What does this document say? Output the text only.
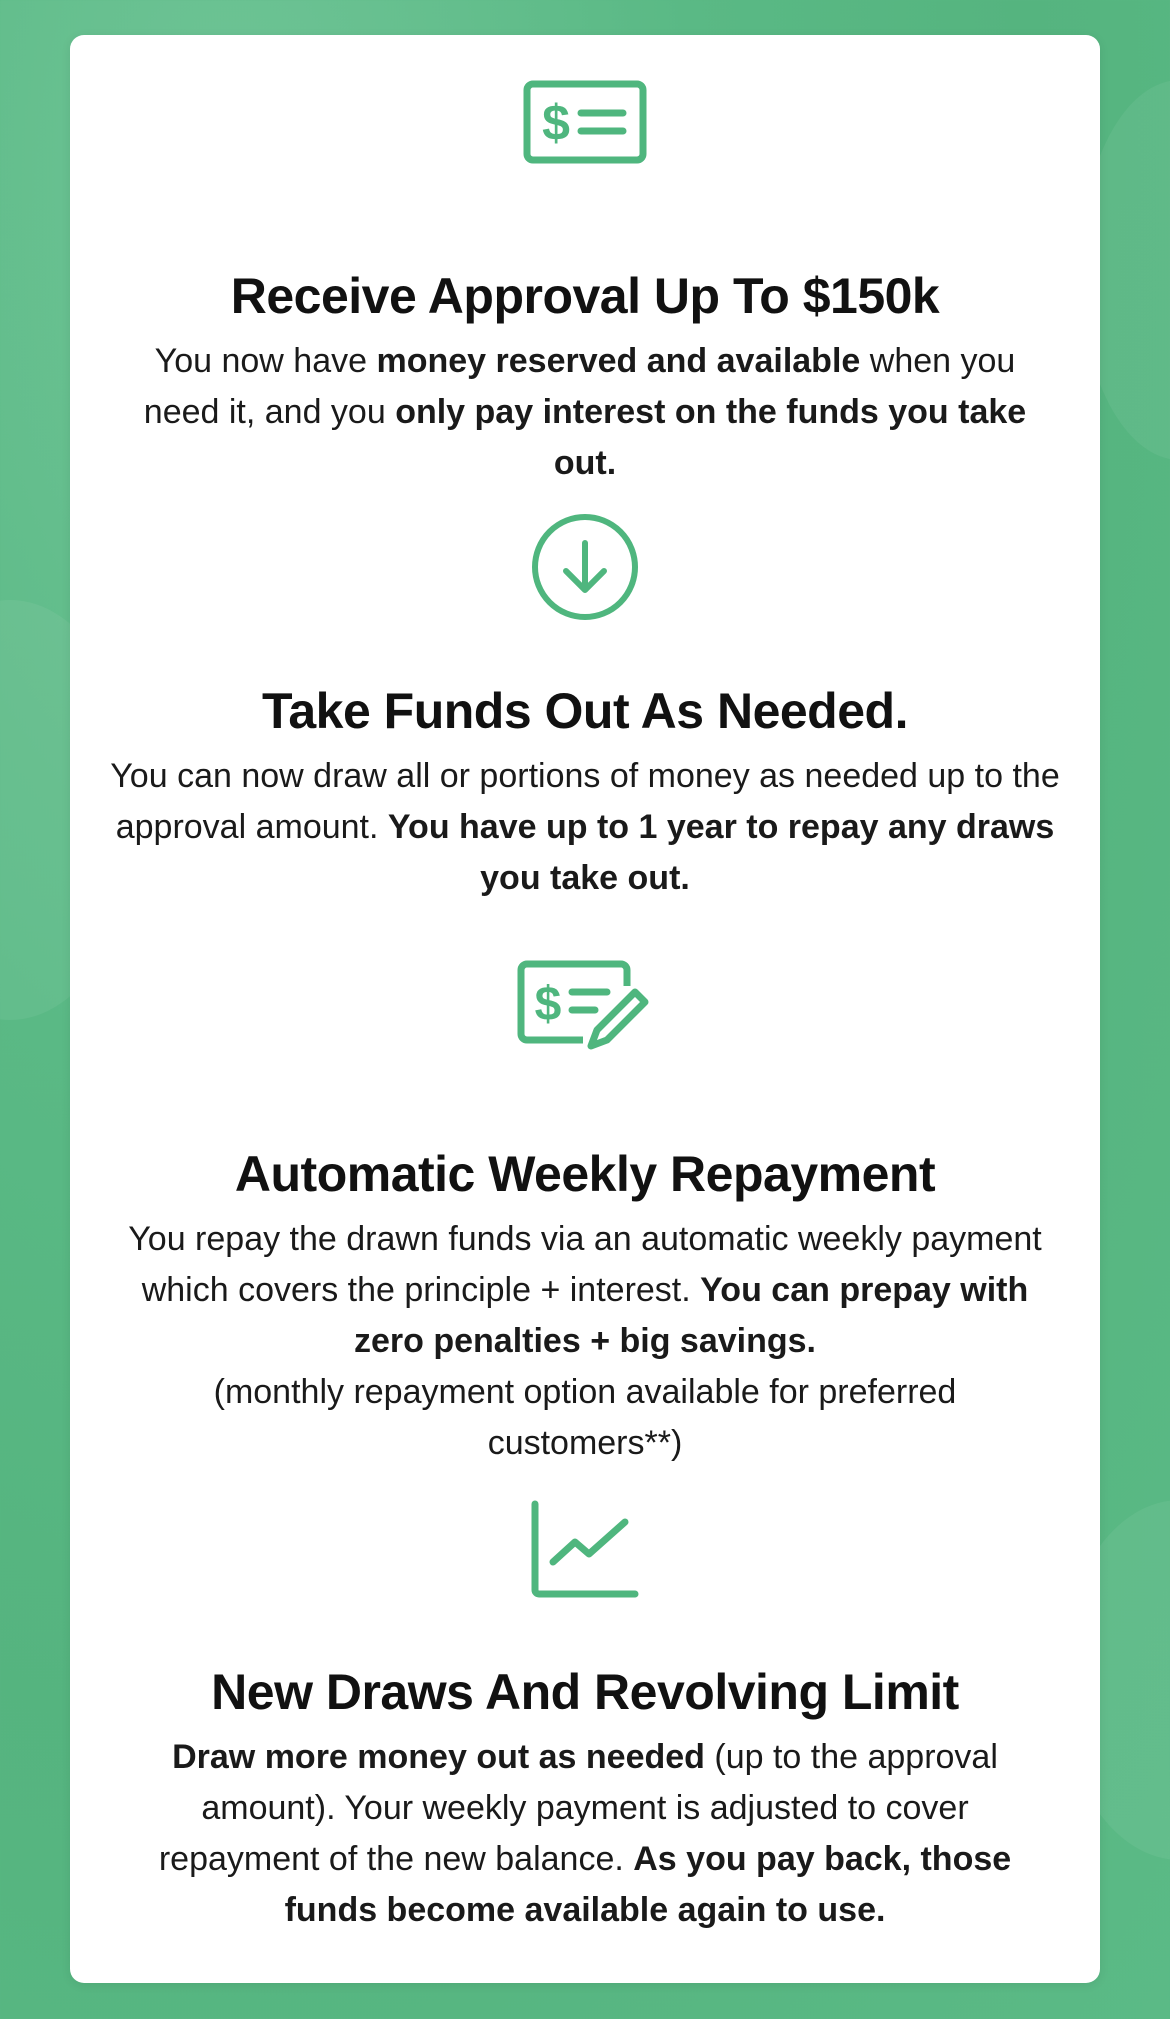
$
Receive Approval Up To $150k

You now have money reserved and available when you need it, and you only pay interest on the funds you take out.

Take Funds Out As Needed.

You can now draw all or portions of money as needed up to the approval amount. You have up to 1 year to repay any draws you take out.

$
Automatic Weekly Repayment

You repay the drawn funds via an automatic weekly payment which covers the principle + interest. You can prepay with zero penalties + big savings.
(monthly repayment option available for preferred customers**)

New Draws And Revolving Limit

Draw more money out as needed (up to the approval amount). Your weekly payment is adjusted to cover repayment of the new balance. As you pay back, those funds become available again to use.
